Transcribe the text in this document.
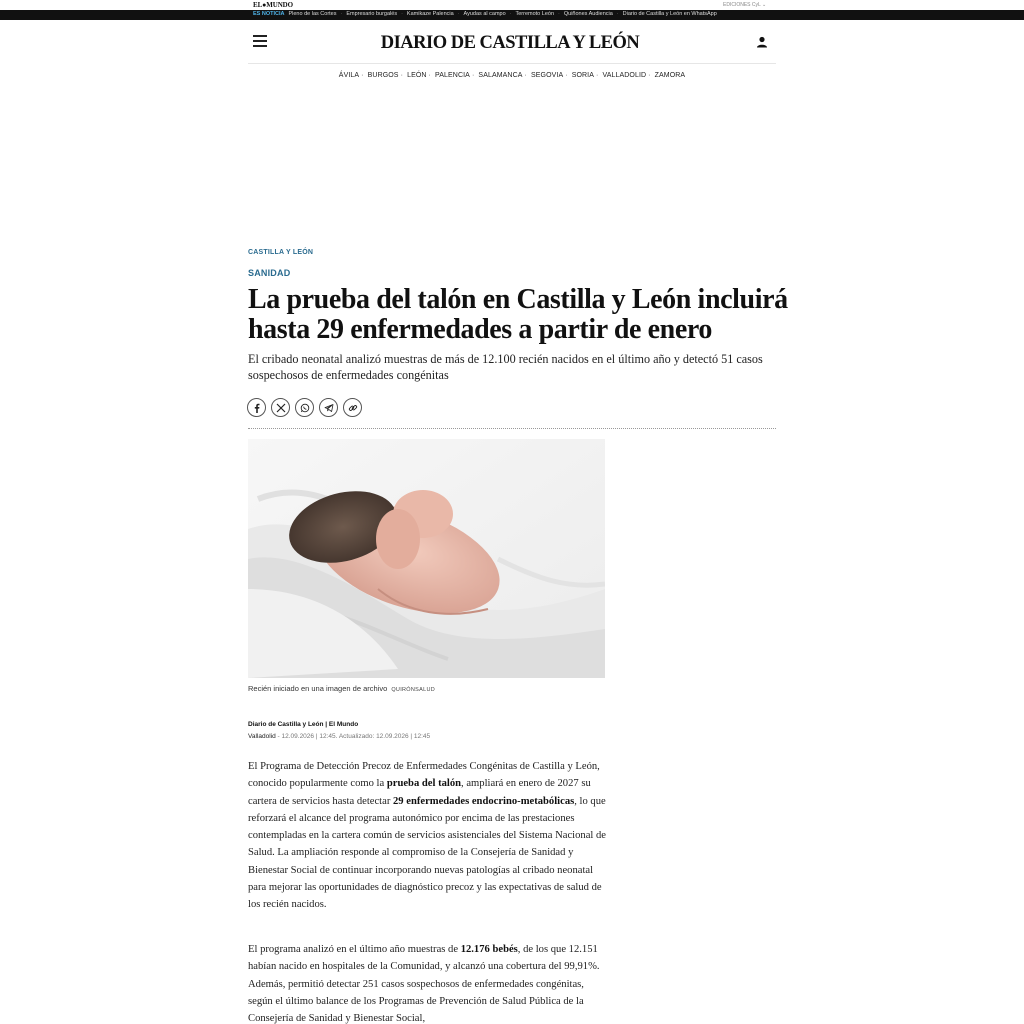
EL●MUNDO	EDICIONES CyL ⌄
ES NOTICIA Pleno de las Cortes · Empresario burgalés · Kamikaze Palencia · Ayudas al campo · Terremoto León · Quiñones Audiencia · Diario de Castilla y León en WhatsApp
DIARIO DE CASTILLA Y LEÓN
ÁVILA · BURGOS · LEÓN · PALENCIA · SALAMANCA · SEGOVIA · SORIA · VALLADOLID · ZAMORA
CASTILLA Y LEÓN
SANIDAD
La prueba del talón en Castilla y León incluirá hasta 29 enfermedades a partir de enero

El cribado neonatal analizó muestras de más de 12.100 recién nacidos en el último año y detectó 51 casos sospechosos de enfermedades congénitas

Recién iniciado en una imagen de archivo QUIRÓNSALUD
Diario de Castilla y León | El Mundo
Valladolid - 12.09.2026 | 12:45. Actualizado: 12.09.2026 | 12:45

El Programa de Detección Precoz de Enfermedades Congénitas de Castilla y León, conocido popularmente como la prueba del talón, ampliará en enero de 2027 su cartera de servicios hasta detectar 29 enfermedades endocrino-metabólicas, lo que reforzará el alcance del programa autonómico por encima de las prestaciones contempladas en la cartera común de servicios asistenciales del Sistema Nacional de Salud. La ampliación responde al compromiso de la Consejería de Sanidad y Bienestar Social de continuar incorporando nuevas patologías al cribado neonatal para mejorar las oportunidades de diagnóstico precoz y las expectativas de salud de los recién nacidos.

El programa analizó en el último año muestras de 12.176 bebés, de los que 12.151 habían nacido en hospitales de la Comunidad, y alcanzó una cobertura del 99,91%. Además, permitió detectar 251 casos sospechosos de enfermedades congénitas, según el último balance de los Programas de Prevención de Salud Pública de la Consejería de Sanidad y Bienestar Social,
